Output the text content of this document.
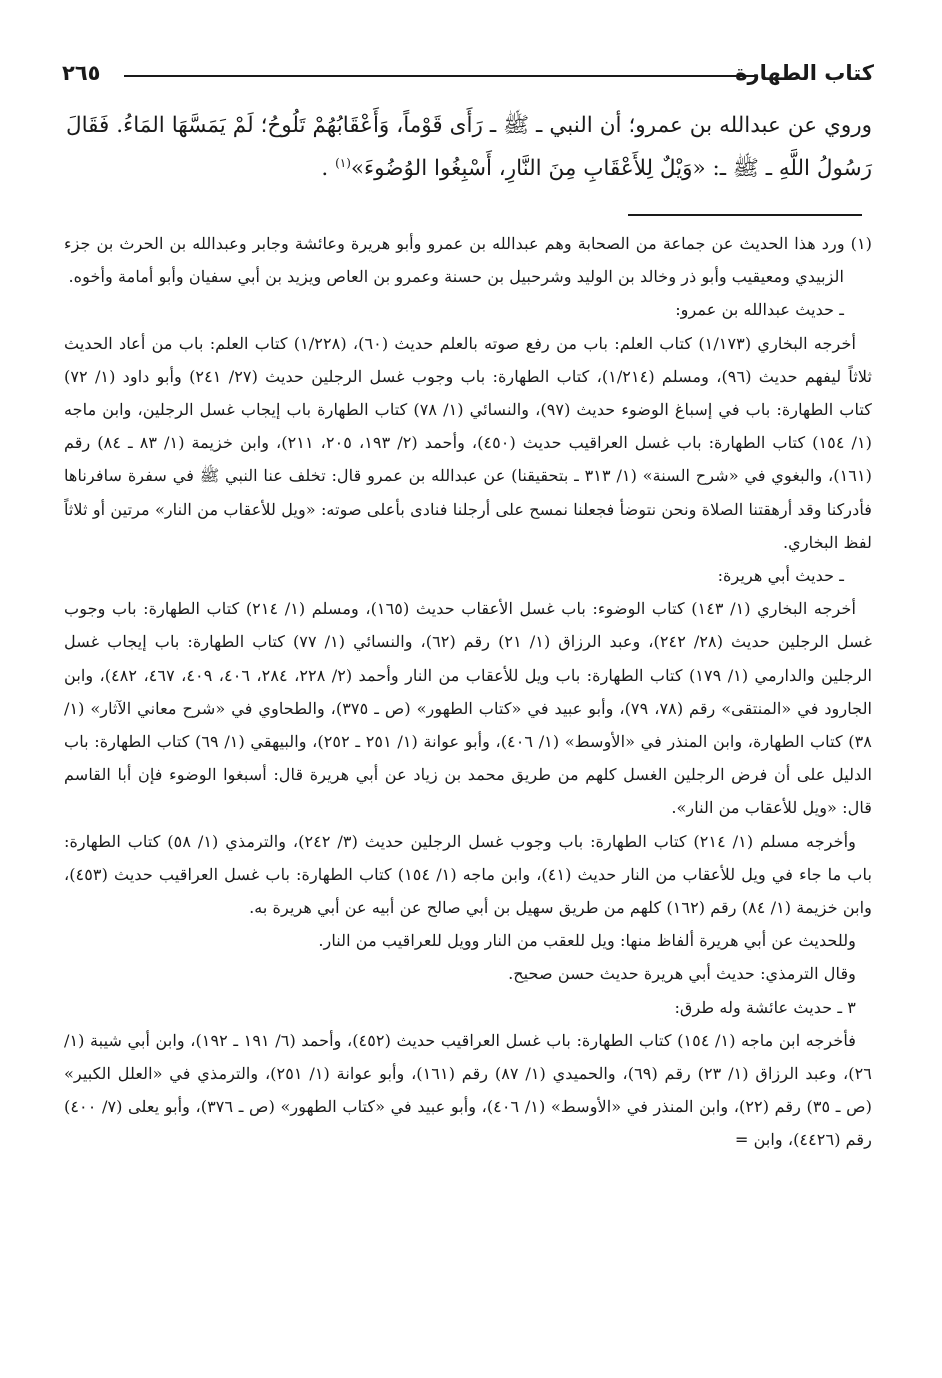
كتاب الطهارة
٢٦٥

وروي عن عبدالله بن عمرو؛ أن النبي ـ ﷺ ـ رَأَى قَوْماً، وَأَعْقَابُهُمْ تَلُوحُ؛ لَمْ يَمَسَّهَا المَاءُ. فَقَالَ رَسُولُ اللَّهِ ـ ﷺ ـ: «وَيْلٌ لِلأَعْقَابِ مِنَ النَّارِ، أَسْبِغُوا الوُضُوءَ»$^{(١)}$ .

(١) ورد هذا الحديث عن جماعة من الصحابة وهم عبدالله بن عمرو وأبو هريرة وعائشة وجابر وعبدالله بن الحرث بن جزء الزبيدي ومعيقيب وأبو ذر وخالد بن الوليد وشرحبيل بن حسنة وعمرو بن العاص ويزيد بن أبي سفيان وأبو أمامة وأخوه.

ـ حديث عبدالله بن عمرو:

أخرجه البخاري (١/١٧٣) كتاب العلم: باب من رفع صوته بالعلم حديث (٦٠)، (١/٢٢٨) كتاب العلم: باب من أعاد الحديث ثلاثاً ليفهم حديث (٩٦)، ومسلم (١/٢١٤)، كتاب الطهارة: باب وجوب غسل الرجلين حديث (٢٧/ ٢٤١) وأبو داود (١/ ٧٢) كتاب الطهارة: باب في إسباغ الوضوء حديث (٩٧)، والنسائي (١/ ٧٨) كتاب الطهارة باب إيجاب غسل الرجلين، وابن ماجه (١/ ١٥٤) كتاب الطهارة: باب غسل العراقيب حديث (٤٥٠)، وأحمد (٢/ ١٩٣، ٢٠٥، ٢١١)، وابن خزيمة (١/ ٨٣ ـ ٨٤) رقم (١٦١)، والبغوي في «شرح السنة» (١/ ٣١٣ ـ بتحقيقنا) عن عبدالله بن عمرو قال: تخلف عنا النبي ﷺ في سفرة سافرناها فأدركنا وقد أرهقتنا الصلاة ونحن نتوضأ فجعلنا نمسح على أرجلنا فنادى بأعلى صوته: «ويل للأعقاب من النار» مرتين أو ثلاثاً لفظ البخاري.

ـ حديث أبي هريرة:

أخرجه البخاري (١/ ١٤٣) كتاب الوضوء: باب غسل الأعقاب حديث (١٦٥)، ومسلم (١/ ٢١٤) كتاب الطهارة: باب وجوب غسل الرجلين حديث (٢٨/ ٢٤٢)، وعبد الرزاق (١/ ٢١) رقم (٦٢)، والنسائي (١/ ٧٧) كتاب الطهارة: باب إيجاب غسل الرجلين والدارمي (١/ ١٧٩) كتاب الطهارة: باب ويل للأعقاب من النار وأحمد (٢/ ٢٢٨، ٢٨٤، ٤٠٦، ٤٠٩، ٤٦٧، ٤٨٢)، وابن الجارود في «المنتقى» رقم (٧٨، ٧٩)، وأبو عبيد في «كتاب الطهور» (ص ـ ٣٧٥)، والطحاوي في «شرح معاني الآثار» (١/ ٣٨) كتاب الطهارة، وابن المنذر في «الأوسط» (١/ ٤٠٦)، وأبو عوانة (١/ ٢٥١ ـ ٢٥٢)، والبيهقي (١/ ٦٩) كتاب الطهارة: باب الدليل على أن فرض الرجلين الغسل كلهم من طريق محمد بن زياد عن أبي هريرة قال: أسبغوا الوضوء فإن أبا القاسم قال: «ويل للأعقاب من النار».

وأخرجه مسلم (١/ ٢١٤) كتاب الطهارة: باب وجوب غسل الرجلين حديث (٣/ ٢٤٢)، والترمذي (١/ ٥٨) كتاب الطهارة: باب ما جاء في ويل للأعقاب من النار حديث (٤١)، وابن ماجه (١/ ١٥٤) كتاب الطهارة: باب غسل العراقيب حديث (٤٥٣)، وابن خزيمة (١/ ٨٤) رقم (١٦٢) كلهم من طريق سهيل بن أبي صالح عن أبيه عن أبي هريرة به.

وللحديث عن أبي هريرة ألفاظ منها: ويل للعقب من النار وويل للعراقيب من النار.

وقال الترمذي: حديث أبي هريرة حديث حسن صحيح.

٣ ـ حديث عائشة وله طرق:

فأخرجه ابن ماجه (١/ ١٥٤) كتاب الطهارة: باب غسل العراقيب حديث (٤٥٢)، وأحمد (٦/ ١٩١ ـ ١٩٢)، وابن أبي شيبة (١/ ٢٦)، وعبد الرزاق (١/ ٢٣) رقم (٦٩)، والحميدي (١/ ٨٧) رقم (١٦١)، وأبو عوانة (١/ ٢٥١)، والترمذي في «العلل الكبير» (ص ـ ٣٥) رقم (٢٢)، وابن المنذر في «الأوسط» (١/ ٤٠٦)، وأبو عبيد في «كتاب الطهور» (ص ـ ٣٧٦)، وأبو يعلى (٧/ ٤٠٠) رقم (٤٤٢٦)، وابن =
